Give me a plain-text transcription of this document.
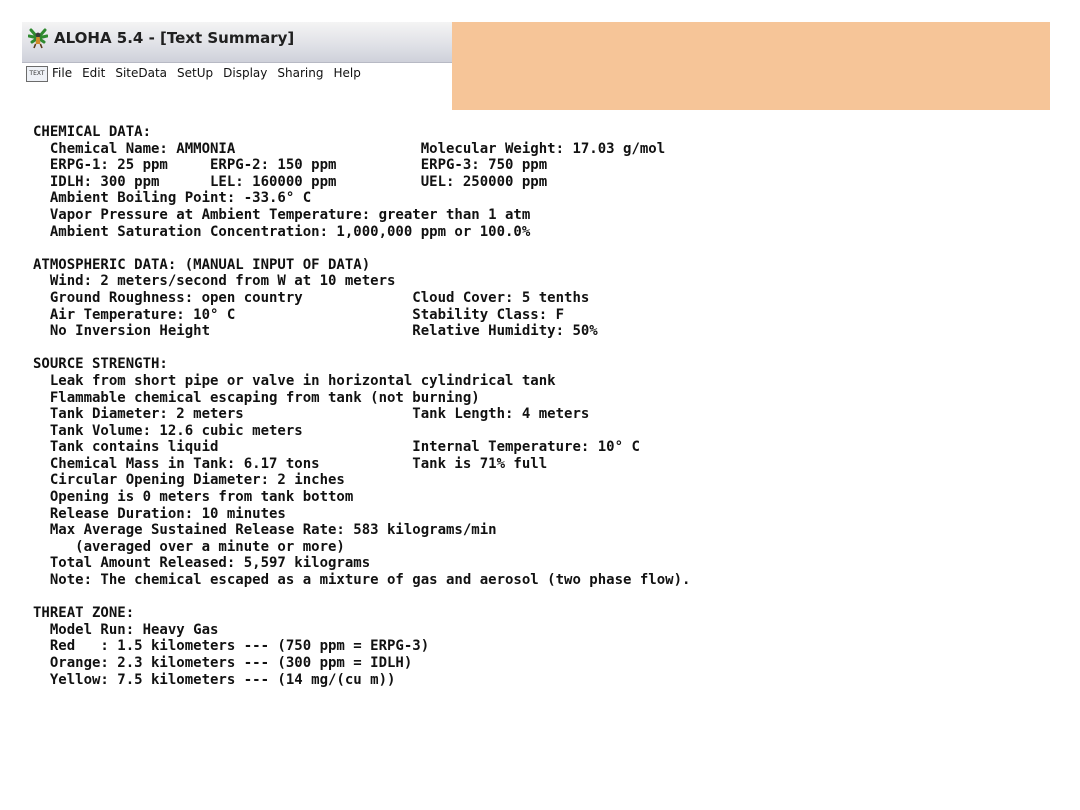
ALOHA 5.4 - [Text Summary]
TEXT File Edit SiteData SetUp Display Sharing Help
CHEMICAL DATA:
Chemical Name: AMMONIA                      Molecular Weight: 17.03 g/mol
ERPG-1: 25 ppm     ERPG-2: 150 ppm          ERPG-3: 750 ppm
IDLH: 300 ppm      LEL: 160000 ppm          UEL: 250000 ppm
Ambient Boiling Point: -33.6° C
Vapor Pressure at Ambient Temperature: greater than 1 atm
Ambient Saturation Concentration: 1,000,000 ppm or 100.0%
ATMOSPHERIC DATA: (MANUAL INPUT OF DATA)
Wind: 2 meters/second from W at 10 meters
Ground Roughness: open country             Cloud Cover: 5 tenths
Air Temperature: 10° C                     Stability Class: F
No Inversion Height                        Relative Humidity: 50%
SOURCE STRENGTH:
Leak from short pipe or valve in horizontal cylindrical tank
Flammable chemical escaping from tank (not burning)
Tank Diameter: 2 meters                    Tank Length: 4 meters
Tank Volume: 12.6 cubic meters
Tank contains liquid                       Internal Temperature: 10° C
Chemical Mass in Tank: 6.17 tons           Tank is 71% full
Circular Opening Diameter: 2 inches
Opening is 0 meters from tank bottom
Release Duration: 10 minutes
Max Average Sustained Release Rate: 583 kilograms/min
(averaged over a minute or more)
Total Amount Released: 5,597 kilograms
Note: The chemical escaped as a mixture of gas and aerosol (two phase flow).
THREAT ZONE:
Model Run: Heavy Gas
Red   : 1.5 kilometers --- (750 ppm = ERPG-3)
Orange: 2.3 kilometers --- (300 ppm = IDLH)
Yellow: 7.5 kilometers --- (14 mg/(cu m))
